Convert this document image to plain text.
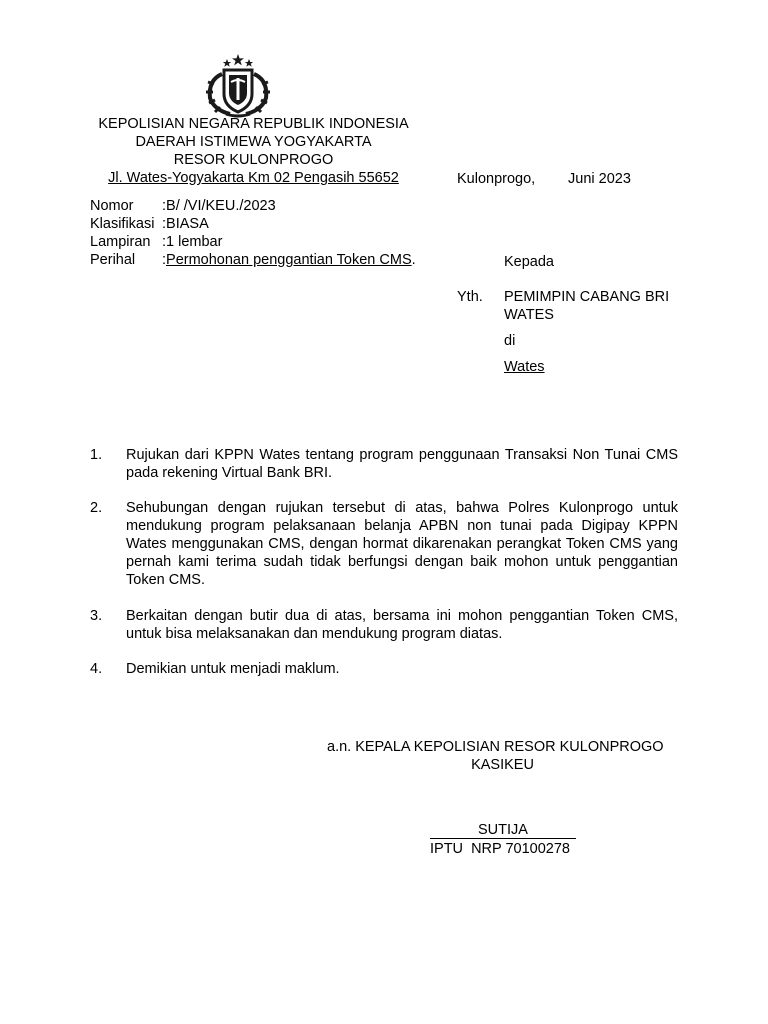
KEPOLISIAN NEGARA REPUBLIK INDONESIA
DAERAH ISTIMEWA YOGYAKARTA
RESOR KULONPROGO
Jl. Wates-Yogyakarta Km 02 Pengasih 55652	Kulonprogo, Juni 2023
Nomor :B/ /VI/KEU./2023
Klasifikasi :BIASA
Lampiran :1 lembar
Perihal :Permohonan penggantian Token CMS.	Kepada
Yth. PEMIMPIN CABANG BRI
WATES
di
Wates
1. Rujukan dari KPPN Wates tentang program penggunaan Transaksi Non Tunai CMS pada rekening Virtual Bank BRI.
2. Sehubungan dengan rujukan tersebut di atas, bahwa Polres Kulonprogo untuk mendukung program pelaksanaan belanja APBN non tunai pada Digipay KPPN Wates menggunakan CMS, dengan hormat dikarenakan perangkat Token CMS yang pernah kami terima sudah tidak berfungsi dengan baik mohon untuk penggantian Token CMS.
3. Berkaitan dengan butir dua di atas, bersama ini mohon penggantian Token CMS, untuk bisa melaksanakan dan mendukung program diatas.
4. Demikian untuk menjadi maklum.
a.n. KEPALA KEPOLISIAN RESOR KULONPROGO
KASIKEU
SUTIJA
IPTU  NRP 70100278
